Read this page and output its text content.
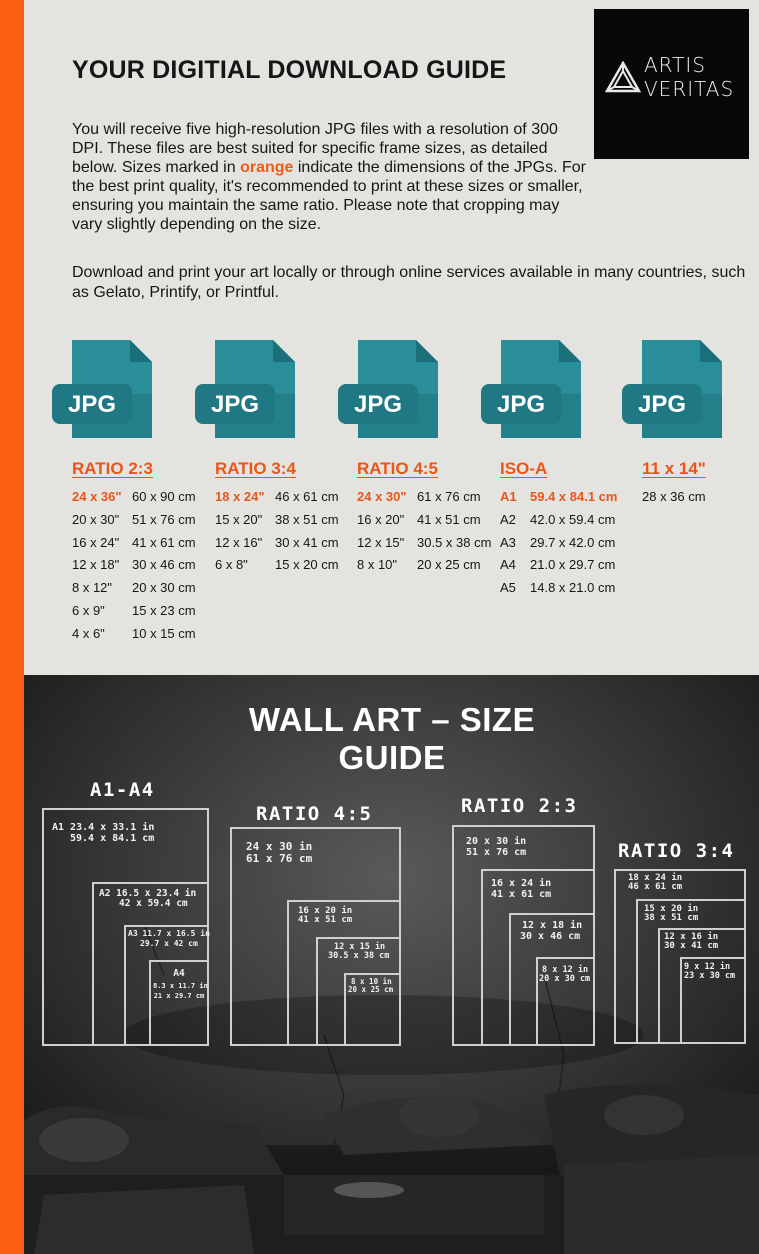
ARTIS
VERITAS
YOUR DIGITIAL DOWNLOAD GUIDE
You will receive five high-resolution JPG files with a resolution of 300 DPI. These files are best suited for specific frame sizes, as detailed below. Sizes marked in orange indicate the dimensions of the JPGs. For the best print quality, it's recommended to print at these sizes or smaller, ensuring you maintain the same ratio. Please note that cropping may vary slightly depending on the size.
Download and print your art locally or through online services available in many countries, such as Gelato, Printify, or Printful.
JPG	JPG	JPG	JPG	JPG
RATIO 2:3	RATIO 3:4	RATIO 4:5	ISO-A	11 x 14"
24 x 36" 60 x 90 cm
20 x 30" 51 x 76 cm
16 x 24" 41 x 61 cm
12 x 18" 30 x 46 cm
8 x 12"	20 x 30 cm
6 x 9"	15 x 23 cm
4 x 6"	10 x 15 cm
18 x 24" 46 x 61 cm
15 x 20" 38 x 51 cm
12 x 16" 30 x 41 cm
6 x 8"	15 x 20 cm
24 x 30" 61 x 76 cm
16 x 20" 41 x 51 cm
12 x 15" 30.5 x 38 cm
8 x 10"	20 x 25 cm
A1	59.4 x 84.1 cm
A2	42.0 x 59.4 cm
A3	29.7 x 42.0 cm
A4	21.0 x 29.7 cm
A5	14.8 x 21.0 cm
28 x 36 cm
WALL ART – SIZE GUIDE
A1-A4
A1 23.4 x 33.1 in
59.4 x 84.1 cm
A2 16.5 x 23.4 in
42 x 59.4 cm
A3 11.7 x 16.5 in
29.7 x 42 cm
A4
8.3 x 11.7 in
21 x 29.7 cm
RATIO 4:5
24 x 30 in
61 x 76 cm
16 x 20 in
41 x 51 cm
12 x 15 in
30.5 x 38 cm
8 x 10 in
20 x 25 cm
RATIO 2:3
20 x 30 in
51 x 76 cm
16 x 24 in
41 x 61 cm
12 x 18 in
30 x 46 cm
8 x 12 in
20 x 30 cm
RATIO 3:4
18 x 24 in
46 x 61 cm
15 x 20 in
38 x 51 cm
12 x 16 in
30 x 41 cm
9 x 12 in
23 x 30 cm
